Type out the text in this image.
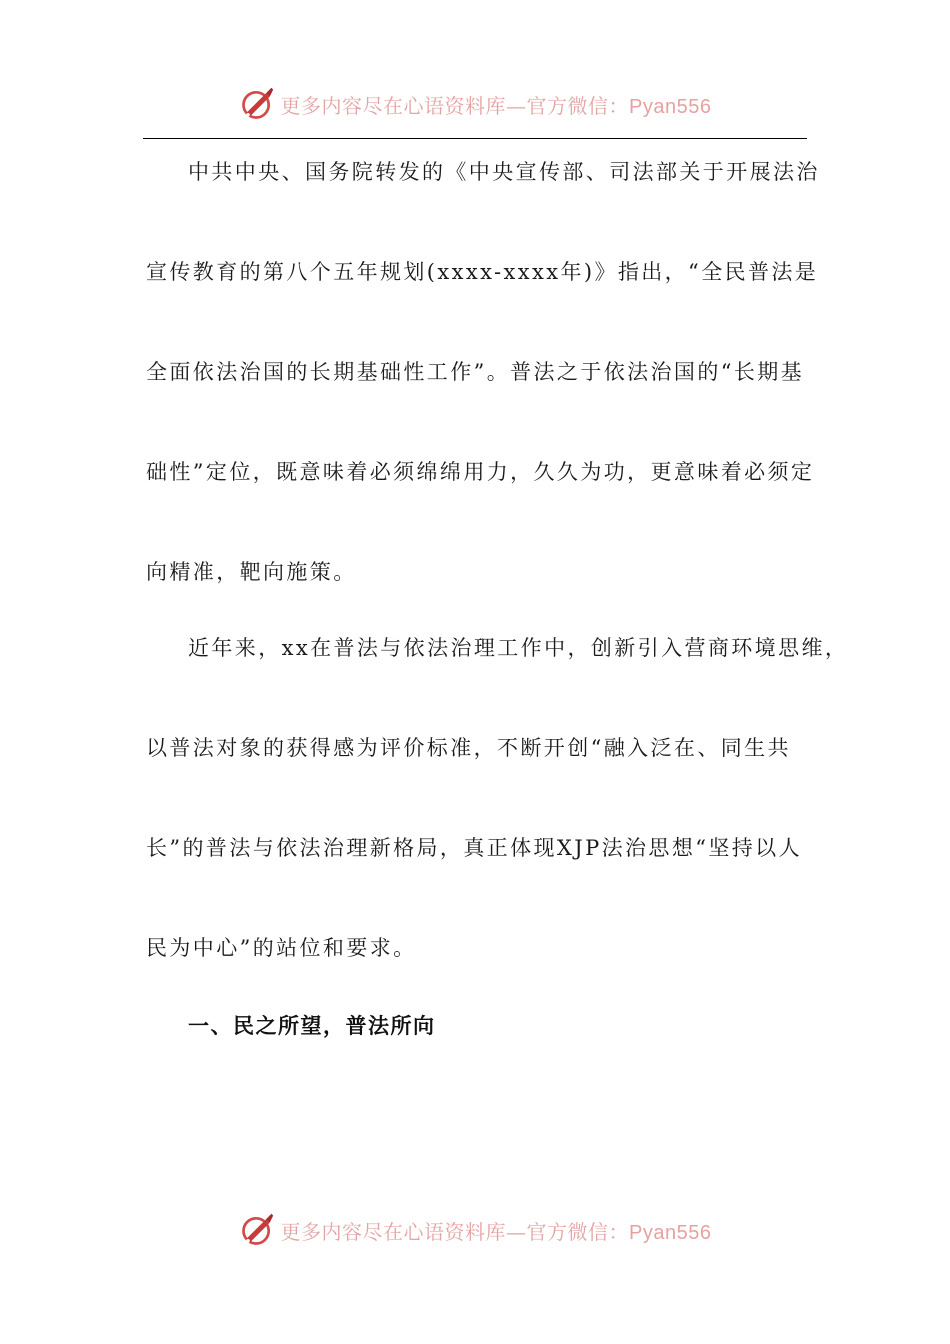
更多内容尽在心语资料库—官方微信：Pyan556

中共中央、国务院转发的《中央宣传部、司法部关于开展法治
宣传教育的第八个五年规划(xxxx-xxxx年)》指出，“全民普法是
全面依法治国的长期基础性工作”。普法之于依法治国的“长期基
础性”定位，既意味着必须绵绵用力，久久为功，更意味着必须定
向精准，靶向施策。

近年来，xx在普法与依法治理工作中，创新引入营商环境思维，
以普法对象的获得感为评价标准，不断开创“融入泛在、同生共
长”的普法与依法治理新格局，真正体现XJP法治思想“坚持以人
民为中心”的站位和要求。

一、民之所望，普法所向
更多内容尽在心语资料库—官方微信：Pyan556
